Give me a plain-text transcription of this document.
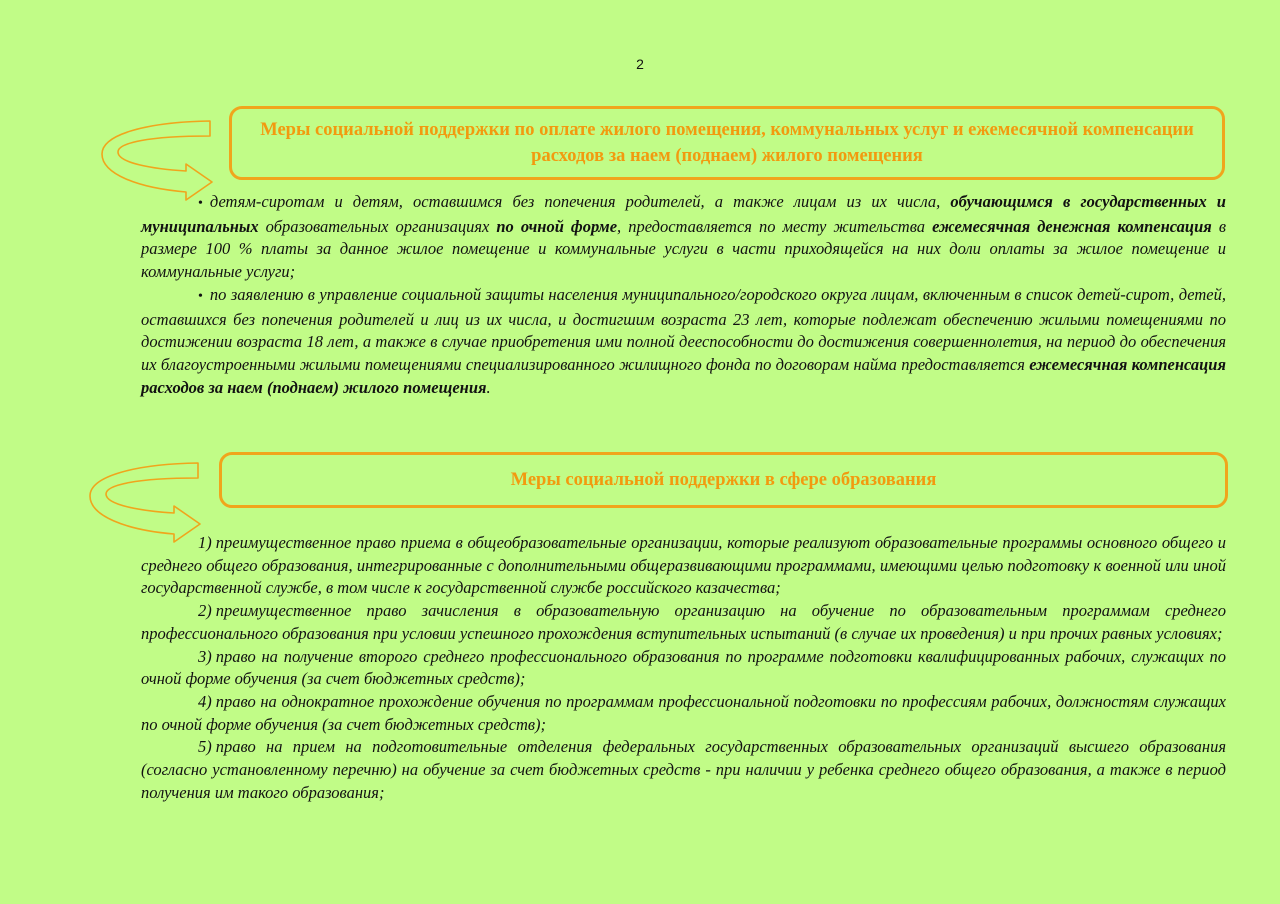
2
Меры социальной поддержки по оплате жилого помещения, коммунальных услуг и ежемесячной компенсации расходов за наем (поднаем) жилого помещения

• детям-сиротам и детям, оставшимся без попечения родителей, а также лицам из их числа, обучающимся в государственных и муниципальных образовательных организациях по очной форме, предоставляется по месту жительства ежемесячная денежная компенсация в размере 100 % платы за данное жилое помещение и коммунальные услуги в части приходящейся на них доли оплаты за жилое помещение и коммунальные услуги;

• по заявлению в управление социальной защиты населения муниципального/городского округа лицам, включенным в список детей-сирот, детей, оставшихся без попечения родителей и лиц из их числа, и достигшим возраста 23 лет, которые подлежат обеспечению жилыми помещениями по достижении возраста 18 лет, а также в случае приобретения ими полной дееспособности до достижения совершеннолетия, на период до обеспечения их благоустроенными жилыми помещениями специализированного жилищного фонда по договорам найма предоставляется ежемесячная компенсация расходов за наем (поднаем) жилого помещения.

Меры социальной поддержки в сфере образования

1) преимущественное право приема в общеобразовательные организации, которые реализуют образовательные программы основного общего и среднего общего образования, интегрированные с дополнительными общеразвивающими программами, имеющими целью подготовку к военной или иной государственной службе, в том числе к государственной службе российского казачества;

2) преимущественное право зачисления в образовательную организацию на обучение по образовательным программам среднего профессионального образования при условии успешного прохождения вступительных испытаний (в случае их проведения) и при прочих равных условиях;

3) право на получение второго среднего профессионального образования по программе подготовки квалифицированных рабочих, служащих по очной форме обучения (за счет бюджетных средств);

4) право на однократное прохождение обучения по программам профессиональной подготовки по профессиям рабочих, должностям служащих по очной форме обучения (за счет бюджетных средств);

5) право на прием на подготовительные отделения федеральных государственных образовательных организаций высшего образования (согласно установленному перечню) на обучение за счет бюджетных средств - при наличии у ребенка среднего общего образования, а также в период получения им такого образования;
